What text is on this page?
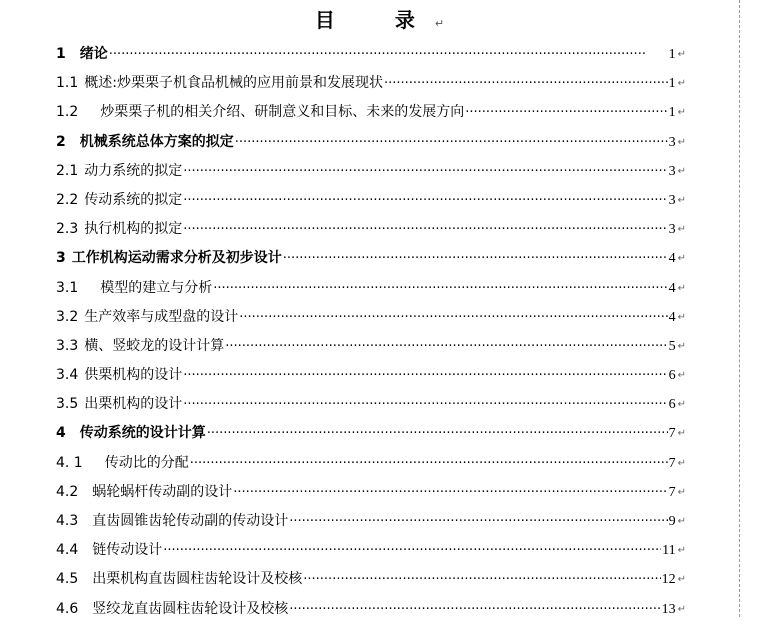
目　录↵
1 绪论 ·····	1 ↵
1.1 概述:炒栗栗子机食品机械的应用前景和发展现状 ·····	1 ↵
1.2 炒栗栗子机的相关介绍、研制意义和目标、未来的发展方向 ·····	1 ↵
2 机械系统总体方案的拟定 ·····	3 ↵
2.1 动力系统的拟定 ·····	3 ↵
2.2 传动系统的拟定 ·····	3 ↵
2.3 执行机构的拟定 ·····	3 ↵
3 工作机构运动需求分析及初步设计 ·····	4 ↵
3.1 模型的建立与分析 ·····	4 ↵
3.2 生产效率与成型盘的设计 ·····	4 ↵
3.3 横、竖蛟龙的设计计算 ·····	5 ↵
3.4 供栗机构的设计 ·····	6 ↵
3.5 出栗机构的设计 ·····	6 ↵
4 传动系统的设计计算 ·····	7 ↵
4. 1 传动比的分配 ·····	7 ↵
4.2 蜗轮蜗杆传动副的设计 ·····	7 ↵
4.3 直齿圆锥齿轮传动副的传动设计 ·····	9 ↵
4.4 链传动设计 ·····	11 ↵
4.5 出栗机构直齿圆柱齿轮设计及校核 ·····	12 ↵
4.6 竖绞龙直齿圆柱齿轮设计及校核 ·····	13 ↵
